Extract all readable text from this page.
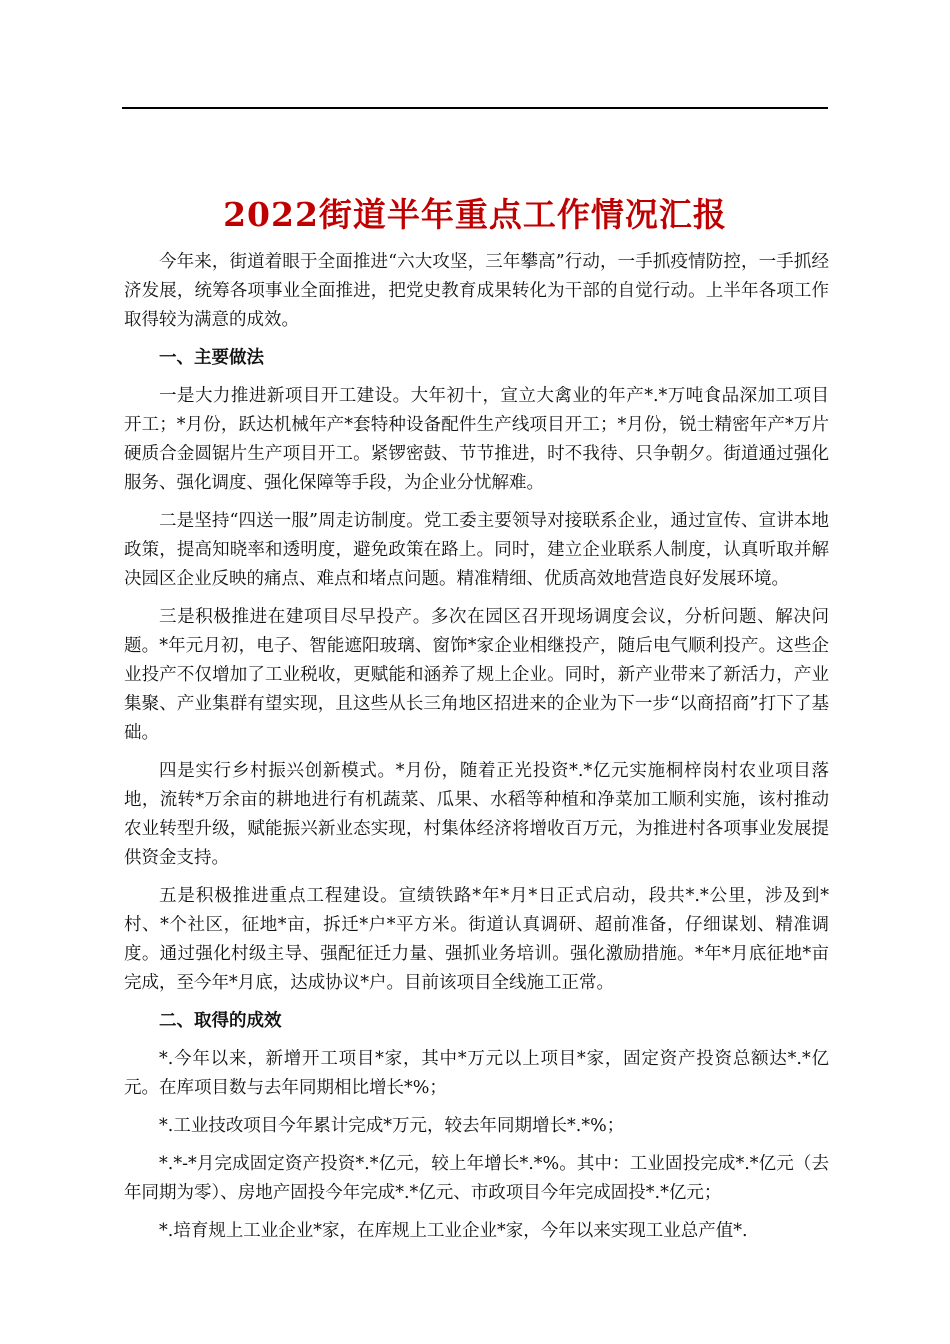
2022街道半年重点工作情况汇报

今年来，街道着眼于全面推进“六大攻坚，三年攀高”行动，一手抓疫情防控，一手抓经济发展，统筹各项事业全面推进，把党史教育成果转化为干部的自觉行动。上半年各项工作取得较为满意的成效。

一、主要做法

一是大力推进新项目开工建设。大年初十，宣立大禽业的年产*.*万吨食品深加工项目开工；*月份，跃达机械年产*套特种设备配件生产线项目开工；*月份，锐士精密年产*万片硬质合金圆锯片生产项目开工。紧锣密鼓、节节推进，时不我待、只争朝夕。街道通过强化服务、强化调度、强化保障等手段，为企业分忧解难。

二是坚持“四送一服”周走访制度。党工委主要领导对接联系企业，通过宣传、宣讲本地政策，提高知晓率和透明度，避免政策在路上。同时，建立企业联系人制度，认真听取并解决园区企业反映的痛点、难点和堵点问题。精准精细、优质高效地营造良好发展环境。

三是积极推进在建项目尽早投产。多次在园区召开现场调度会议，分析问题、解决问题。*年元月初，电子、智能遮阳玻璃、窗饰*家企业相继投产，随后电气顺利投产。这些企业投产不仅增加了工业税收，更赋能和涵养了规上企业。同时，新产业带来了新活力，产业集聚、产业集群有望实现，且这些从长三角地区招进来的企业为下一步“以商招商”打下了基础。

四是实行乡村振兴创新模式。*月份，随着正光投资*.*亿元实施桐梓岗村农业项目落地，流转*万余亩的耕地进行有机蔬菜、瓜果、水稻等种植和净菜加工顺利实施，该村推动农业转型升级，赋能振兴新业态实现，村集体经济将增收百万元，为推进村各项事业发展提供资金支持。

五是积极推进重点工程建设。宣绩铁路*年*月*日正式启动，段共*.*公里，涉及到*村、*个社区，征地*亩，拆迁*户*平方米。街道认真调研、超前准备，仔细谋划、精准调度。通过强化村级主导、强配征迁力量、强抓业务培训。强化激励措施。*年*月底征地*亩完成，至今年*月底，达成协议*户。目前该项目全线施工正常。

二、取得的成效

*.今年以来，新增开工项目*家，其中*万元以上项目*家，固定资产投资总额达*.*亿元。在库项目数与去年同期相比增长*%；

*.工业技改项目今年累计完成*万元，较去年同期增长*.*%；

*.*-*月完成固定资产投资*.*亿元，较上年增长*.*%。其中：工业固投完成*.*亿元（去年同期为零）、房地产固投今年完成*.*亿元、市政项目今年完成固投*.*亿元；

*.培育规上工业企业*家，在库规上工业企业*家，今年以来实现工业总产值*.
